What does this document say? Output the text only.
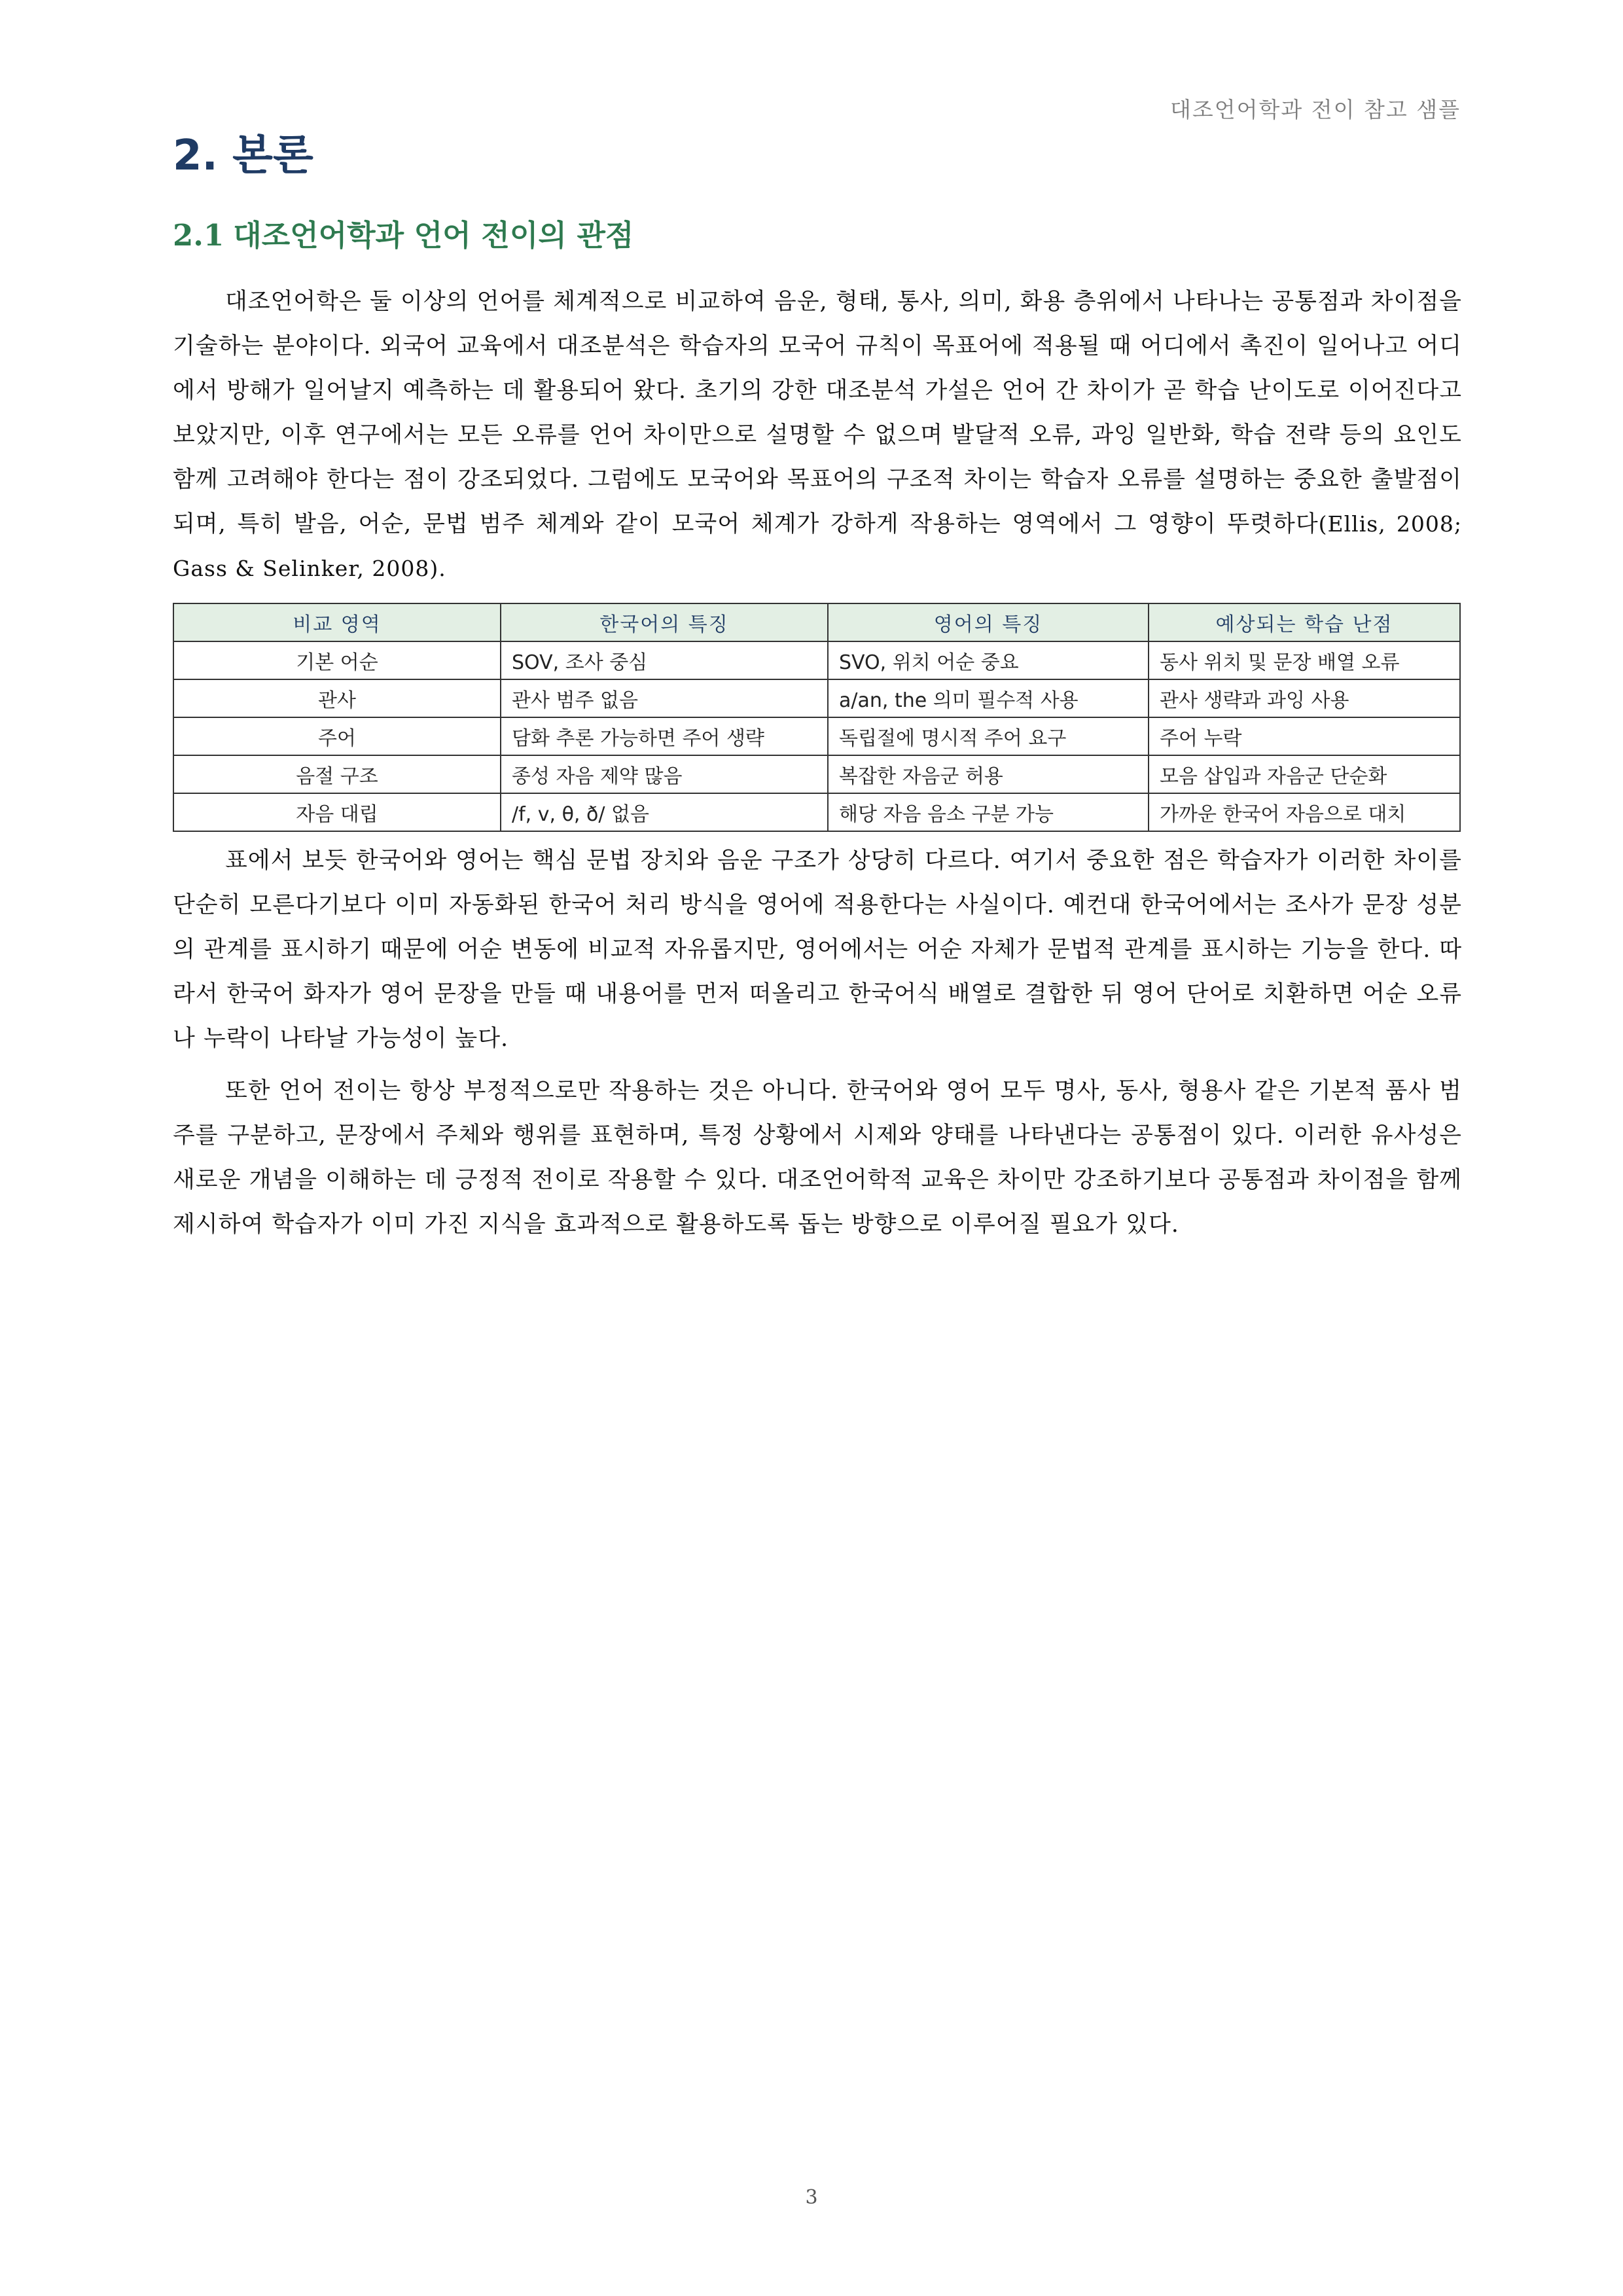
대조언어학과 전이 참고 샘플
2. 본론
2.1 대조언어학과 언어 전이의 관점

대조언어학은 둘 이상의 언어를 체계적으로 비교하여 음운, 형태, 통사, 의미, 화용 층위에서 나타나는 공통점과 차이점을 기술하는 분야이다. 외국어 교육에서 대조분석은 학습자의 모국어 규칙이 목표어에 적용될 때 어디에서 촉진이 일어나고 어디에서 방해가 일어날지 예측하는 데 활용되어 왔다. 초기의 강한 대조분석 가설은 언어 간 차이가 곧 학습 난이도로 이어진다고 보았지만, 이후 연구에서는 모든 오류를 언어 차이만으로 설명할 수 없으며 발달적 오류, 과잉 일반화, 학습 전략 등의 요인도 함께 고려해야 한다는 점이 강조되었다. 그럼에도 모국어와 목표어의 구조적 차이는 학습자 오류를 설명하는 중요한 출발점이 되며, 특히 발음, 어순, 문법 범주 체계와 같이 모국어 체계가 강하게 작용하는 영역에서 그 영향이 뚜렷하다(Ellis, 2008; Gass & Selinker, 2008).

비교 영역	한국어의 특징	영어의 특징	예상되는 학습 난점
기본 어순	SOV, 조사 중심	SVO, 위치 어순 중요	동사 위치 및 문장 배열 오류
관사	관사 범주 없음	a/an, the 의미 필수적 사용	관사 생략과 과잉 사용
주어	담화 추론 가능하면 주어 생략	독립절에 명시적 주어 요구	주어 누락
음절 구조	종성 자음 제약 많음	복잡한 자음군 허용	모음 삽입과 자음군 단순화
자음 대립	/f, v, θ, ð/ 없음	해당 자음 음소 구분 가능	가까운 한국어 자음으로 대치

표에서 보듯 한국어와 영어는 핵심 문법 장치와 음운 구조가 상당히 다르다. 여기서 중요한 점은 학습자가 이러한 차이를 단순히 모른다기보다 이미 자동화된 한국어 처리 방식을 영어에 적용한다는 사실이다. 예컨대 한국어에서는 조사가 문장 성분의 관계를 표시하기 때문에 어순 변동에 비교적 자유롭지만, 영어에서는 어순 자체가 문법적 관계를 표시하는 기능을 한다. 따라서 한국어 화자가 영어 문장을 만들 때 내용어를 먼저 떠올리고 한국어식 배열로 결합한 뒤 영어 단어로 치환하면 어순 오류나 누락이 나타날 가능성이 높다.

또한 언어 전이는 항상 부정적으로만 작용하는 것은 아니다. 한국어와 영어 모두 명사, 동사, 형용사 같은 기본적 품사 범주를 구분하고, 문장에서 주체와 행위를 표현하며, 특정 상황에서 시제와 양태를 나타낸다는 공통점이 있다. 이러한 유사성은 새로운 개념을 이해하는 데 긍정적 전이로 작용할 수 있다. 대조언어학적 교육은 차이만 강조하기보다 공통점과 차이점을 함께 제시하여 학습자가 이미 가진 지식을 효과적으로 활용하도록 돕는 방향으로 이루어질 필요가 있다.

3
